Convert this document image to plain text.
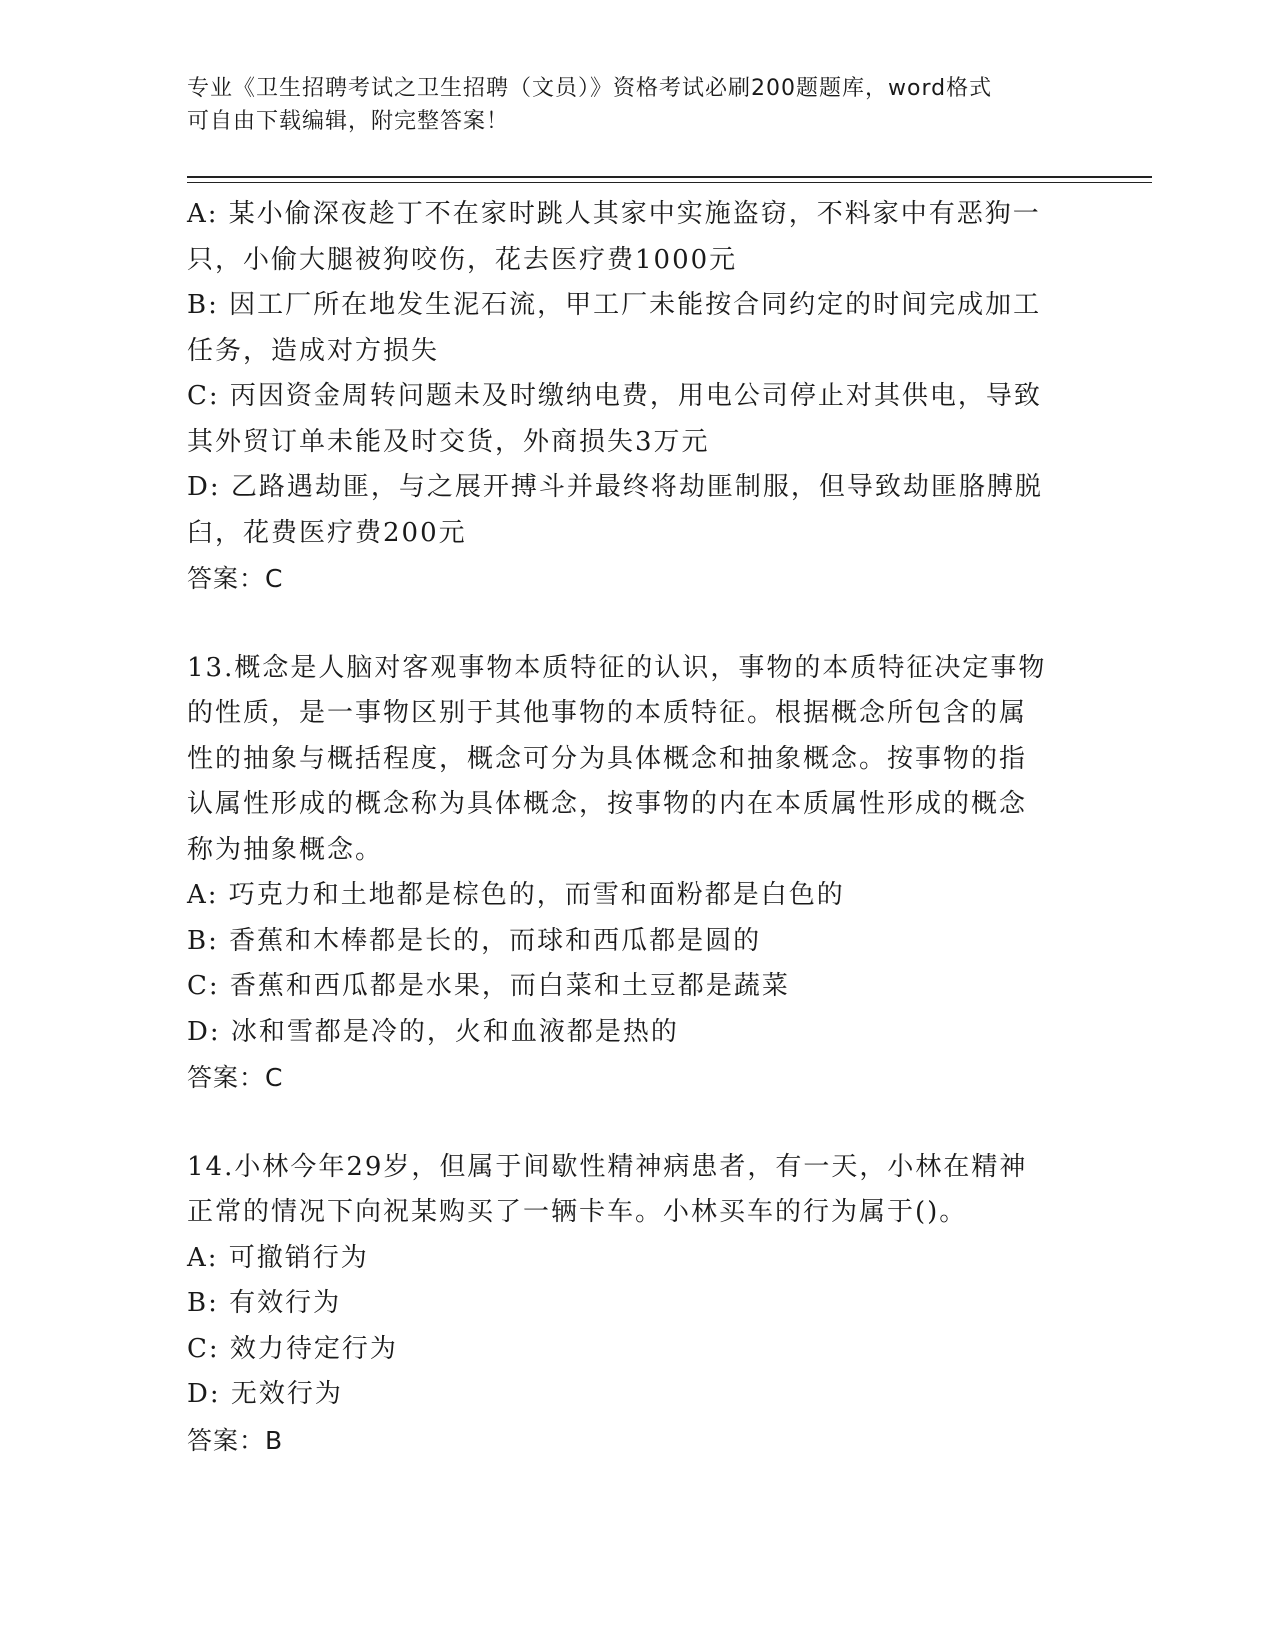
专业《卫生招聘考试之卫生招聘（文员）》资格考试必刷200题题库，word格式
可自由下载编辑，附完整答案！
A: 某小偷深夜趁丁不在家时跳人其家中实施盗窃，不料家中有恶狗一
只，小偷大腿被狗咬伤，花去医疗费1000元
B: 因工厂所在地发生泥石流，甲工厂未能按合同约定的时间完成加工
任务，造成对方损失
C: 丙因资金周转问题未及时缴纳电费，用电公司停止对其供电，导致
其外贸订单未能及时交货，外商损失3万元
D: 乙路遇劫匪，与之展开搏斗并最终将劫匪制服，但导致劫匪胳膊脱
臼，花费医疗费200元
答案：C
13.概念是人脑对客观事物本质特征的认识，事物的本质特征决定事物
的性质，是一事物区别于其他事物的本质特征。根据概念所包含的属
性的抽象与概括程度，概念可分为具体概念和抽象概念。按事物的指
认属性形成的概念称为具体概念，按事物的内在本质属性形成的概念
称为抽象概念。
A: 巧克力和土地都是棕色的，而雪和面粉都是白色的
B: 香蕉和木棒都是长的，而球和西瓜都是圆的
C: 香蕉和西瓜都是水果，而白菜和土豆都是蔬菜
D: 冰和雪都是冷的，火和血液都是热的
答案：C
14.小林今年29岁，但属于间歇性精神病患者，有一天，小林在精神
正常的情况下向祝某购买了一辆卡车。小林买车的行为属于()。
A: 可撤销行为
B: 有效行为
C: 效力待定行为
D: 无效行为
答案：B
